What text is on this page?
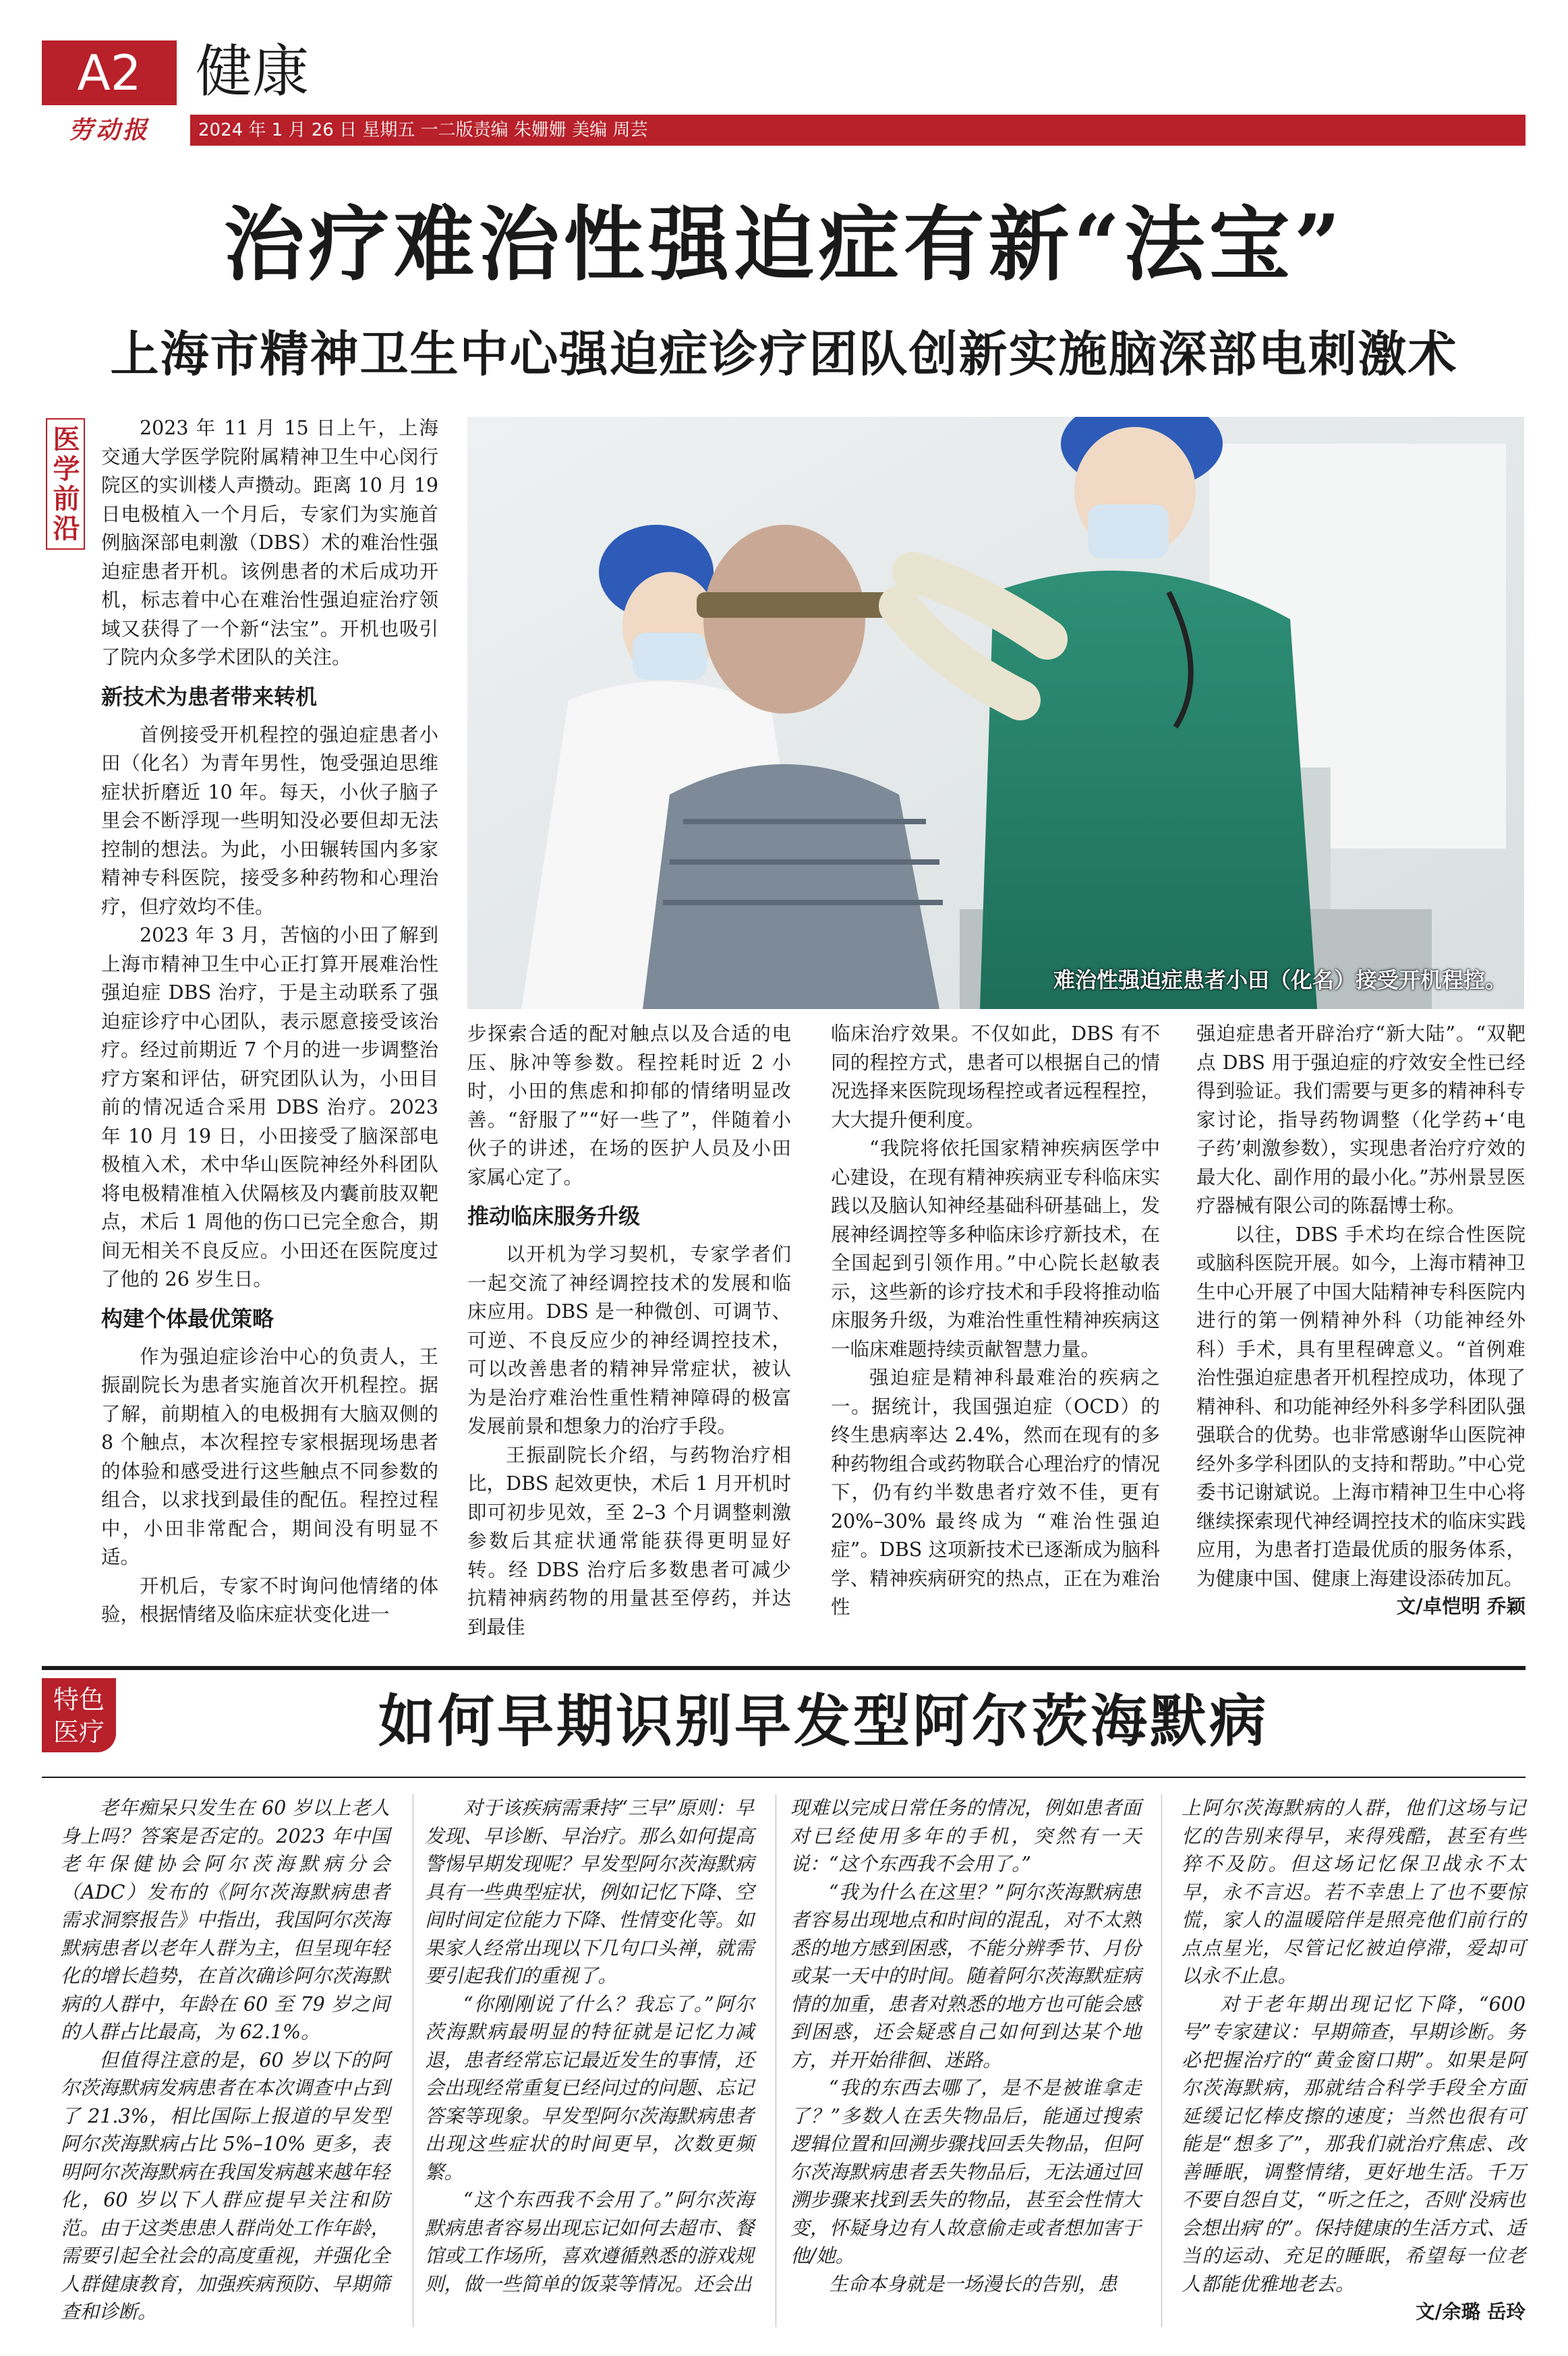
A2 健康
劳动报	2024 年 1 月 26 日 星期五 一二版责编 朱姗姗 美编 周芸
治疗难治性强迫症有新“法宝”
上海市精神卫生中心强迫症诊疗团队创新实施脑深部电刺激术
医学前沿	2023 年 11 月 15 日上午，上海交通大学医学院附属精神卫生中心闵行院区的实训楼人声攒动。距离 10 月 19 日电极植入一个月后，专家们为实施首例脑深部电刺激（DBS）术的难治性强迫症患者开机。该例患者的术后成功开机，标志着中心在难治性强迫症治疗领域又获得了一个新“法宝”。开机也吸引了院内众多学术团队的关注。

新技术为患者带来转机

首例接受开机程控的强迫症患者小田（化名）为青年男性，饱受强迫思维症状折磨近 10 年。每天，小伙子脑子里会不断浮现一些明知没必要但却无法控制的想法。为此，小田辗转国内多家精神专科医院，接受多种药物和心理治疗，但疗效均不佳。

2023 年 3 月，苦恼的小田了解到上海市精神卫生中心正打算开展难治性强迫症 DBS 治疗，于是主动联系了强迫症诊疗中心团队，表示愿意接受该治疗。经过前期近 7 个月的进一步调整治疗方案和评估，研究团队认为，小田目前的情况适合采用 DBS 治疗。2023 年 10 月 19 日，小田接受了脑深部电极植入术，术中华山医院神经外科团队将电极精准植入伏隔核及内囊前肢双靶点，术后 1 周他的伤口已完全愈合，期间无相关不良反应。小田还在医院度过了他的 26 岁生日。

构建个体最优策略

作为强迫症诊治中心的负责人，王振副院长为患者实施首次开机程控。据了解，前期植入的电极拥有大脑双侧的 8 个触点，本次程控专家根据现场患者的体验和感受进行这些触点不同参数的组合，以求找到最佳的配伍。程控过程中，小田非常配合，期间没有明显不适。

开机后，专家不时询问他情绪的体验，根据情绪及临床症状变化进一

难治性强迫症患者小田（化名）接受开机程控。

步探索合适的配对触点以及合适的电压、脉冲等参数。程控耗时近 2 小时，小田的焦虑和抑郁的情绪明显改善。“舒服了”“好一些了”，伴随着小伙子的讲述，在场的医护人员及小田家属心定了。

推动临床服务升级

以开机为学习契机，专家学者们一起交流了神经调控技术的发展和临床应用。DBS 是一种微创、可调节、可逆、不良反应少的神经调控技术，可以改善患者的精神异常症状，被认为是治疗难治性重性精神障碍的极富发展前景和想象力的治疗手段。

王振副院长介绍，与药物治疗相比，DBS 起效更快，术后 1 月开机时即可初步见效，至 2–3 个月调整刺激参数后其症状通常能获得更明显好转。经 DBS 治疗后多数患者可减少抗精神病药物的用量甚至停药，并达到最佳

临床治疗效果。不仅如此，DBS 有不同的程控方式，患者可以根据自己的情况选择来医院现场程控或者远程程控，大大提升便利度。

“我院将依托国家精神疾病医学中心建设，在现有精神疾病亚专科临床实践以及脑认知神经基础科研基础上，发展神经调控等多种临床诊疗新技术，在全国起到引领作用。”中心院长赵敏表示，这些新的诊疗技术和手段将推动临床服务升级，为难治性重性精神疾病这一临床难题持续贡献智慧力量。

强迫症是精神科最难治的疾病之一。据统计，我国强迫症（OCD）的终生患病率达 2.4%，然而在现有的多种药物组合或药物联合心理治疗的情况下，仍有约半数患者疗效不佳，更有 20%–30% 最终成为 “难治性强迫症”。DBS 这项新技术已逐渐成为脑科学、精神疾病研究的热点，正在为难治性

强迫症患者开辟治疗“新大陆”。“双靶点 DBS 用于强迫症的疗效安全性已经得到验证。我们需要与更多的精神科专家讨论，指导药物调整（化学药+‘电子药’刺激参数），实现患者治疗疗效的最大化、副作用的最小化。”苏州景昱医疗器械有限公司的陈磊博士称。

以往，DBS 手术均在综合性医院或脑科医院开展。如今，上海市精神卫生中心开展了中国大陆精神专科医院内进行的第一例精神外科（功能神经外科）手术，具有里程碑意义。“首例难治性强迫症患者开机程控成功，体现了精神科、和功能神经外科多学科团队强强联合的优势。也非常感谢华山医院神经外多学科团队的支持和帮助。”中心党委书记谢斌说。上海市精神卫生中心将继续探索现代神经调控技术的临床实践应用，为患者打造最优质的服务体系，为健康中国、健康上海建设添砖加瓦。

文/卓恺明 乔颖
特色
医疗	如何早期识别早发型阿尔茨海默病

老年痴呆只发生在 60 岁以上老人身上吗？答案是否定的。2023 年中国老年保健协会阿尔茨海默病分会（ADC）发布的《阿尔茨海默病患者需求洞察报告》中指出，我国阿尔茨海默病患者以老年人群为主，但呈现年轻化的增长趋势，在首次确诊阿尔茨海默病的人群中，年龄在 60 至 79 岁之间的人群占比最高，为 62.1%。

但值得注意的是，60 岁以下的阿尔茨海默病发病患者在本次调查中占到了 21.3%，相比国际上报道的早发型阿尔茨海默病占比 5%–10% 更多，表明阿尔茨海默病在我国发病越来越年轻化，60 岁以下人群应提早关注和防范。由于这类患患人群尚处工作年龄，需要引起全社会的高度重视，并强化全人群健康教育，加强疾病预防、早期筛查和诊断。

对于该疾病需秉持“三早”原则：早发现、早诊断、早治疗。那么如何提高警惕早期发现呢？早发型阿尔茨海默病具有一些典型症状，例如记忆下降、空间时间定位能力下降、性情变化等。如果家人经常出现以下几句口头禅，就需要引起我们的重视了。

“你刚刚说了什么？我忘了。”阿尔茨海默病最明显的特征就是记忆力减退，患者经常忘记最近发生的事情，还会出现经常重复已经问过的问题、忘记答案等现象。早发型阿尔茨海默病患者出现这些症状的时间更早，次数更频繁。

“这个东西我不会用了。”阿尔茨海默病患者容易出现忘记如何去超市、餐馆或工作场所，喜欢遵循熟悉的游戏规则，做一些简单的饭菜等情况。还会出

现难以完成日常任务的情况，例如患者面对已经使用多年的手机，突然有一天说：“这个东西我不会用了。”

“我为什么在这里？”阿尔茨海默病患者容易出现地点和时间的混乱，对不太熟悉的地方感到困惑，不能分辨季节、月份或某一天中的时间。随着阿尔茨海默症病情的加重，患者对熟悉的地方也可能会感到困惑，还会疑惑自己如何到达某个地方，并开始徘徊、迷路。

“我的东西去哪了，是不是被谁拿走了？”多数人在丢失物品后，能通过搜索逻辑位置和回溯步骤找回丢失物品，但阿尔茨海默病患者丢失物品后，无法通过回溯步骤来找到丢失的物品，甚至会性情大变，怀疑身边有人故意偷走或者想加害于他/她。

生命本身就是一场漫长的告别，患

上阿尔茨海默病的人群，他们这场与记忆的告别来得早，来得残酷，甚至有些猝不及防。但这场记忆保卫战永不太早，永不言迟。若不幸患上了也不要惊慌，家人的温暖陪伴是照亮他们前行的点点星光，尽管记忆被迫停滞，爱却可以永不止息。

对于老年期出现记忆下降，“600 号”专家建议：早期筛查，早期诊断。务必把握治疗的“黄金窗口期”。如果是阿尔茨海默病，那就结合科学手段全方面延缓记忆棒皮擦的速度；当然也很有可能是“想多了”，那我们就治疗焦虑、改善睡眠，调整情绪，更好地生活。千万不要自怨自艾，“听之任之，否则‘没病也会想出病’的”。保持健康的生活方式、适当的运动、充足的睡眠，希望每一位老人都能优雅地老去。

文/余璐 岳玲
